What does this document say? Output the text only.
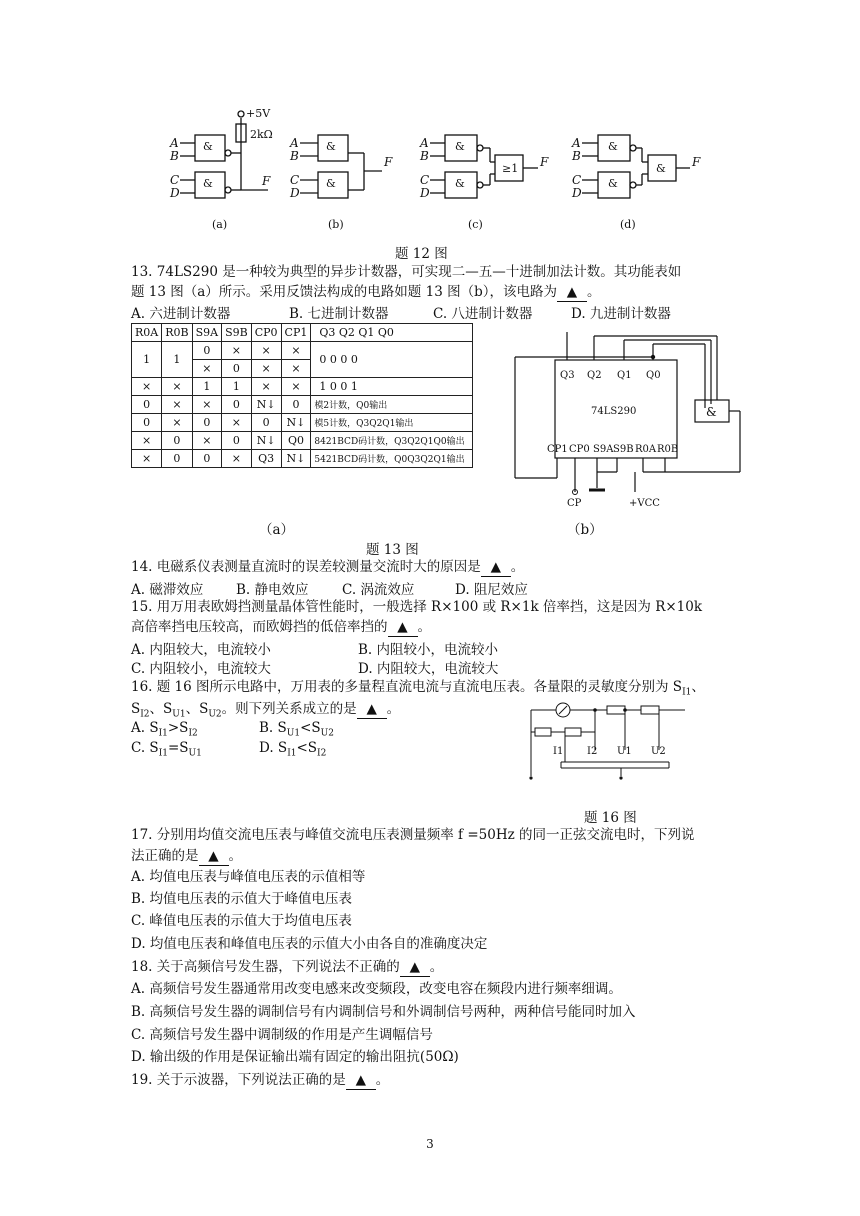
A
B
C
D
F
A
B
C
D
F
A
B
C
D
F
A
B
C
D
F
+5V
2kΩ
&
&
&
&
&
&
≥1
&
&
&
(a)	(b)	(c)	(d)
题 12 图
13. 74LS290 是一种较为典型的异步计数器，可实现二—五—十进制加法计数。其功能表如
题 13 图（a）所示。采用反馈法构成的电路如题 13 图（b），该电路为 ▲ 。
A. 六进制计数器	B. 七进制计数器	C. 八进制计数器	D. 九进制计数器
R0A	R0B	S9A	S9B	CP0	CP1	Q3 Q2 Q1 Q0
1	1	0	×	×	×	0 0 0 0
		×	0	×	×	
×	×	1	1	×	×	1 0 0 1
0	×	×	0	N↓	0	模2计数，Q0输出
0	×	0	×	0	N↓	模5计数，Q3Q2Q1输出
×	0	×	0	N↓	Q0	8421BCD码计数，Q3Q2Q1Q0输出
×	0	0	×	Q3	N↓	5421BCD码计数，Q0Q3Q2Q1输出
Q3 Q2 Q1 Q0
74LS290
CP1 CP0 S9A S9B R0A R0B
&
CP	+VCC
（a）	（b）
题 13 图
14. 电磁系仪表测量直流时的误差较测量交流时大的原因是 ▲ 。
A. 磁滞效应 B. 静电效应 C. 涡流效应	D. 阻尼效应
15. 用万用表欧姆挡测量晶体管性能时，一般选择 R×100 或 R×1k 倍率挡，这是因为 R×10k
高倍率挡电压较高，而欧姆挡的低倍率挡的 ▲ 。
A. 内阻较大，电流较小	B. 内阻较小，电流较小
C. 内阻较小，电流较大	D. 内阻较大，电流较大
16. 题 16 图所示电路中，万用表的多量程直流电流与直流电压表。各量限的灵敏度分别为 $S_{I1}$、
$S_{I2}$、$S_{U1}$、$S_{U2}$。则下列关系成立的是 ▲ 。
A. $S_{I1}>S_{I2}$	B. $S_{U1}<S_{U2}$
C. $S_{I1}=S_{U1}$	D. $S_{I1}<S_{I2}$	I1 I2 U1 U2
题 16 图
17. 分别用均值交流电压表与峰值交流电压表测量频率 f =50Hz 的同一正弦交流电时，下列说
法正确的是 ▲ 。
A. 均值电压表与峰值电压表的示值相等
B. 均值电压表的示值大于峰值电压表
C. 峰值电压表的示值大于均值电压表
D. 均值电压表和峰值电压表的示值大小由各自的准确度决定
18. 关于高频信号发生器，下列说法不正确的 ▲ 。
A. 高频信号发生器通常用改变电感来改变频段，改变电容在频段内进行频率细调。
B. 高频信号发生器的调制信号有内调制信号和外调制信号两种，两种信号能同时加入
C. 高频信号发生器中调制级的作用是产生调幅信号
D. 输出级的作用是保证输出端有固定的输出阻抗(50Ω)
19. 关于示波器，下列说法正确的是 ▲ 。
3
